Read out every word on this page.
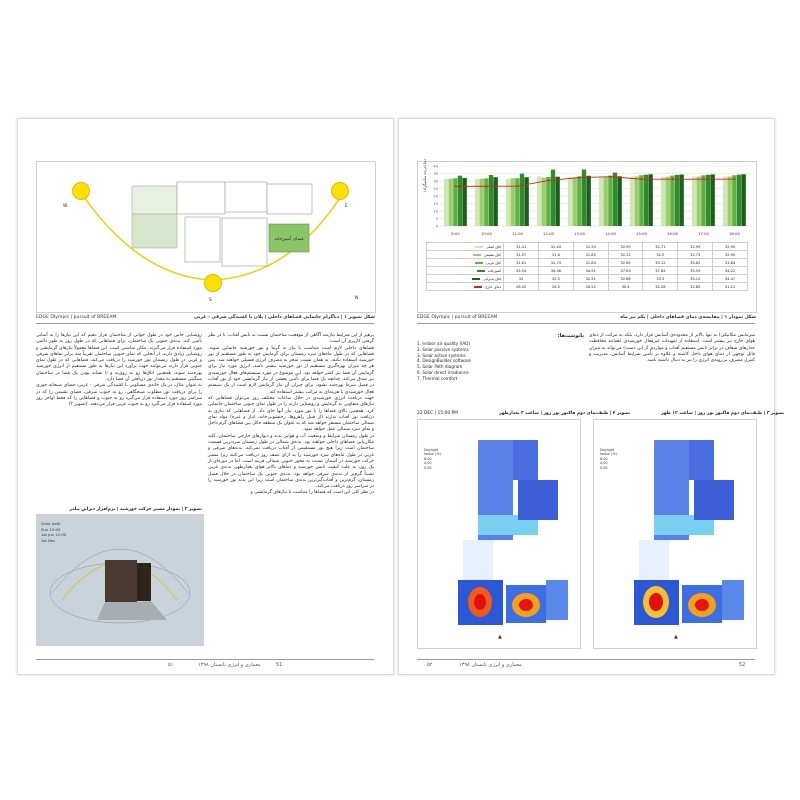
فضای آشپزخانه
W	E
S	N
EDGE Olympic | pursuit of BREEAM	شکل تصویر ۱ | دیاگرام جانمایی فضاهای داخلی | پلان با کشیدگی شرقی - غربی
روشنایی خاص خود در طول خوانی از ساختمان قرار دهیم که این نیازها را به آسانی تأمین کند. بدنه‌ی جنوبی یک ساختمان، برای فضاهایی که در طول روز به طور دائمی مورد استفاده قرار می‌گیرند، مکان مناسبی است. این فضاها معمولاً نیازهای گرمایشی و روشنایی زیادی دارند. از آنجایی که نمای جنوبی ساختمان تقریباً سه برابر نماهای شرقی و غربی در طول زمستان نور خورشید را دریافت می‌کند، فضاهایی که در طول نمای جنوبی قرار دارند می‌توانند جهت برآورد این نیازها به طور مستقیم از انرژی خورشید بهره‌مند شوند. همچنین اتاق‌ها رو به روی‌به و تا نشانه بودن یک فضا در ساختمان سنگینی مستقیم به مقدار نور دریافتی آن فضا دارد.
به عنوان مثال، در یک خانه‌ی مسکونی با کشیدگی شرقی - غربی، فضای صبحانه خوری را برای دریافت نور مطلوب صبحگاهی، رو به جنوب شرقی، فضای نشیمن را که در سراسر روز مورد استفاده قرار می‌گیرد رو به جنوب و فضاهایی را که فقط اواخر روز مورد استفاده قرار می‌گیرد رو به جنوب غربی قرار می‌دهند. (تصویر ۲)
پرهیز از این شرایط نیازمند آگاهی از موقعیت ساختمان نسبت به تابش آفتاب، با در نظر گرفتن کاربری آن است.
فضاهای داخلی لازم است متناسب با نیاز به گرما و نور خورشید جانمایی شوند. فضاهایی که در طول ماه‌های سرد زمستان برای گرمایش خود به طور مستقیم از نور خورشید استفاده نکنند، به همان نسبت منجر به مصرف انرژی فسیلی خواهند شد. پس هر چه میزان بهره‌گیری مستقیم از نور خورشید بیشتر باشد، انرژی مورد نیاز برای گرمایش آن فضا نیز کمتر خواهد بود. این موضوع در مورد سیستم‌های فعال خورشیدی نیز صدق می‌کند. چنانچه یک فضا برای تأمین بخشی از نیاز گرمایشی خود از نور آفتاب در فصل سرما بهره‌مند نشود، برای جبران آن نیاز گرمایش لازم است از یک سیستم فعال خورشیدی با هزینه‌ای به مراتب بیشتر استفاده کند.
جهت دریافت انرژی خورشیدی در خلال ساعات مختلف روز می‌توان فضاهایی که نیازهای متفاوتی به گرمایش و روشنایی دارند را در طول نمای جنوبی ساختمان جانمایی کرد. همچنین بالای فضاها را با نور مورد نیاز آنها جای داد. از فضاهایی که نیازی به دریافت نور آفتاب ندارند (از قبیل راهروها، رختشویی‌خانه، انبار و غیره) مواد نمای شمالی ساختمان مستقر خواهد شد که به عنوان یک منطقه حائل بین فضاهای گرم داخل و نمای سرد شمالی عمل خواهد نمود.
در طول زمستان شرایط و وضعیت آب و هوایی بدنه و دیوارهای خارجی ساختمان، کلید مکان‌یابی فضاهای داخلی خواهند بود. بدنه‌ی شمالی در طول زمستان سردترین قسمت ساختمان است زیرا هیچ نور مستقیمی از آفتاب دریافت نمی‌کند. بدنه‌های شرقی و غربی در طول ماه‌های سرد خورشید را به ازای نصف روز دریافت می‌کنند زیرا مسیر حرکت خورشید در آسمان نسبت به محور جنوبی شمالی قرینه است. اما در دوره‌ای از یک روز، به علت کیفیت تابش خورشید و دماهای بالاتر هوای بعدازظهر، بدنه‌ی غربی نسبتاً گرم‌تر از بدنه‌ی شرقی خواهد بود. بدنه‌ی جنوبی یک ساختمان در خلال فصل زمستان، گرم‌ترین و آفتاب‌گیرترین بدنه‌ی ساختمان است زیرا این بدنه نور خورشید را در سراسر روز دریافت می‌کند.
در نظر کلی این است که فضاها را متناسب با نیازهای گرمایشی و
تصویر ۲ | نمودار مسیر حرکت خورشید | نرم‌افزار دیزاین بیلدر
Solar path
Sun 12:00
1st Jun 12:00
1st Dec
۵۱	معماری و انرژی تابستان ۱۳۹۸	51
0
5
10
15
20
25
30
35
40
8:00	10:00	11:00	12:00	13:00	14:00	15:00	16:00	17:00	18:00
دما (درجه سانتیگراد)
اتاق اصلی	31.41	31.44	31.54	32.95	32.71	32.99	32.95
اتاق نشیمن	31.57	31.6	31.85	32.22	32.5	32.73	32.95
اتاق غربی	31.81	31.74	31.84	32.65	33.12	33.62	33.84
آشپزخانه	33.54	34.06	34.91	37.63	37.64	35.59	34.22
اتاق پذیرایی	32	32.5	32.51	32.86	33.5	33.15	34.47
دمای خارج	26.42	26.5	26.52	30.4	32.28	32.85	31.21
EDGE Olympic | pursuit of BREEAM	شکل نمودار ۱ | مقایسه‌ی دمای فضاهای داخلی | یکم تیر ماه
پانوشت‌ها:
1. Indoor air quality (IAQ)
2. Solar passive systems
3. Solar active systems
4. DesignBuilder software
5. Solar Path diagram
6. Solar direct irradiance
7. Thermal comfort
سرمایش مکانیکی) به تنها بالاتر از محدوده‌ی آسایش قرار دارد، بلکه به مراتب از دمای هوای خارج نیز بیشتر است. استفاده از تمهیدات غیرفعال خورشیدی (همانند محافظت جدارهای شفاف در برابر تابش مستقیم آفتاب و مواردی از این دست) می‌تواند به میزان قابل توجهی از دمای هوای داخل کاسته و علاوه بر تأمین شرایط آسایش، مدیریت و کنترل مصرف بی‌رویه‌ی انرژی را نیز به دنبال داشته باشد.
22 DEC | 15:00 PM	تصویر ۴ | طیف‌نمای دوم فاکتور نور روز | ساعت ۳ بعدازظهر	تصویر ۳ | طیف‌نمای دوم فاکتور نور روز | ساعت ۱۲ ظهر
Daylight
factor (%)
8.00
4.00
0.00
▲
Daylight
factor (%)
8.00
4.00
0.00
▲
۵۲	معماری و انرژی تابستان ۱۳۹۸	52
